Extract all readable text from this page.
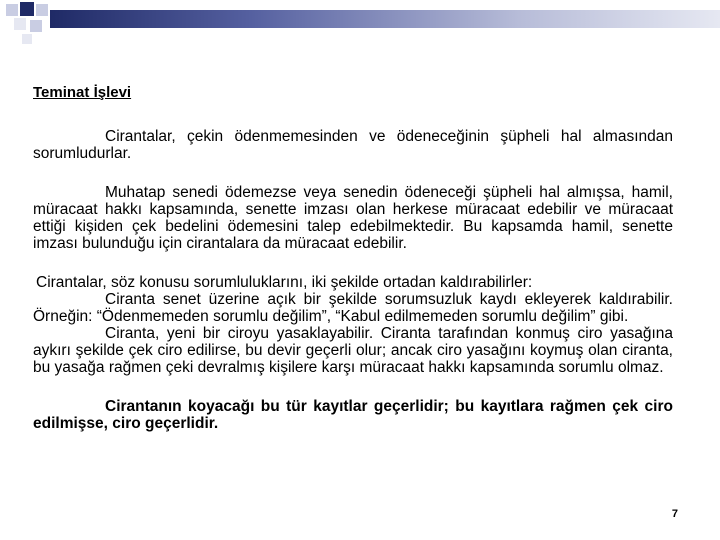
Teminat İşlevi

Cirantalar, çekin ödenmemesinden ve ödeneceğinin şüpheli hal almasından sorumludurlar.

Muhatap senedi ödemezse veya senedin ödeneceği şüpheli hal almışsa, hamil, müracaat hakkı kapsamında, senette imzası olan herkese müracaat edebilir ve müracaat ettiği kişiden çek bedelini ödemesini talep edebilmektedir. Bu kapsamda hamil, senette imzası bulunduğu için cirantalara da müracaat edebilir.

Cirantalar, söz konusu sorumluluklarını, iki şekilde ortadan kaldırabilirler:

Ciranta senet üzerine açık bir şekilde sorumsuzluk kaydı ekleyerek kaldırabilir. Örneğin: “Ödenmemeden sorumlu değilim”, “Kabul edilmemeden sorumlu değilim” gibi.

Ciranta, yeni bir ciroyu yasaklayabilir. Ciranta tarafından konmuş ciro yasağına aykırı şekilde çek ciro edilirse, bu devir geçerli olur; ancak ciro yasağını koymuş olan ciranta, bu yasağa rağmen çeki devralmış kişilere karşı müracaat hakkı kapsamında sorumlu olmaz.

Cirantanın koyacağı bu tür kayıtlar geçerlidir; bu kayıtlara rağmen çek ciro edilmişse, ciro geçerlidir.

7
